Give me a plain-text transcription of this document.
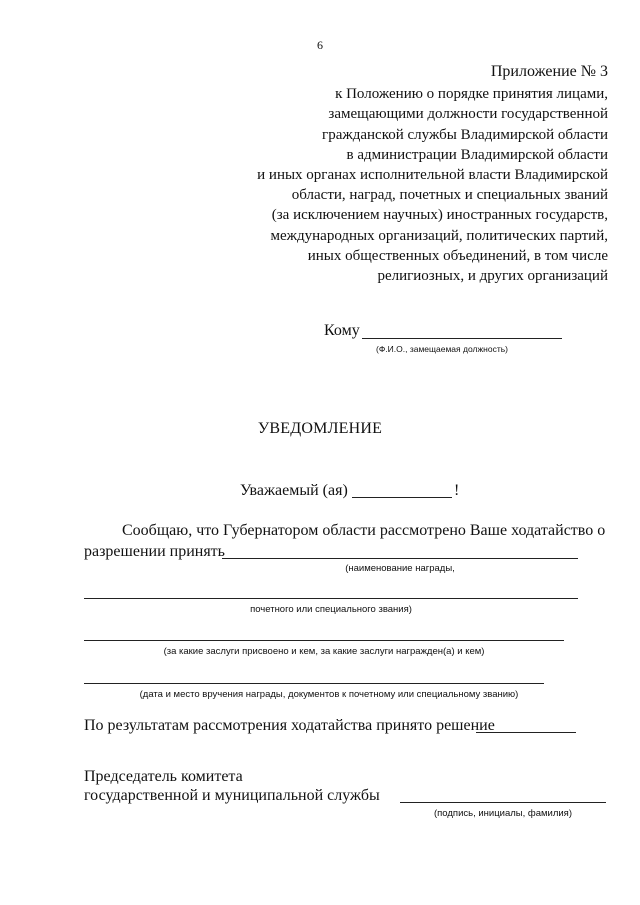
6
Приложение № 3
к Положению о порядке принятия лицами,
замещающими должности государственной
гражданской службы Владимирской области
в администрации Владимирской области
и иных органах исполнительной власти Владимирской
области, наград, почетных и специальных званий
(за исключением научных) иностранных государств,
международных организаций, политических партий,
иных общественных объединений, в том числе
религиозных, и других организаций
Кому
(Ф.И.О., замещаемая должность)
УВЕДОМЛЕНИЕ
Уважаемый (ая)	!
Сообщаю, что Губернатором области рассмотрено Ваше ходатайство о
разрешении принять
(наименование награды,
почетного или специального звания)
(за какие заслуги присвоено и кем, за какие заслуги награжден(а) и кем)
(дата и место вручения награды, документов к почетному или специальному званию)
По результатам рассмотрения ходатайства принято решение
Председатель комитета
государственной и муниципальной службы
(подпись, инициалы, фамилия)
